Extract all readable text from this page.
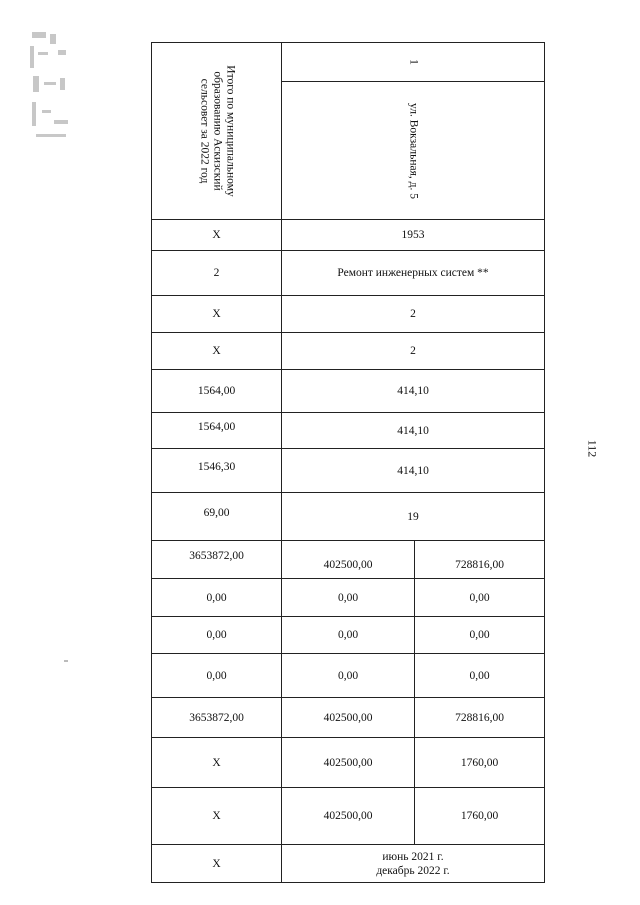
Итого по муниципальному
образованию Аскизский
сельсовет за 2022 год	1	

	ул. Вокзальная, д. 5	

X	1953	
2	Ремонт инженерных систем **	
X	2	
X	2	
1564,00	414,10	
1564,00	414,10	
1546,30	414,10	
69,00	19	
3653872,00	402500,00	728816,00
0,00	0,00	0,00
0,00	0,00	0,00
0,00	0,00	0,00
3653872,00	402500,00	728816,00
X	402500,00	1760,00
X	402500,00	1760,00
X	июнь 2021 г.
декабрь 2022 г.	
112
